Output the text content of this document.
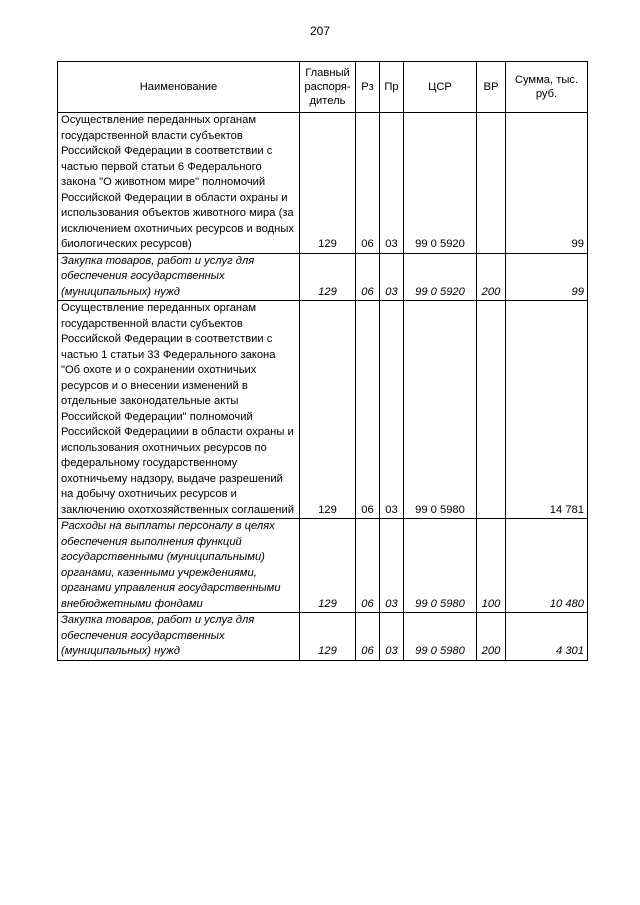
207
Наименование	Главный распоря-дитель	Рз	Пр	ЦСР	ВР	Сумма, тыс. руб.
Осуществление переданных органам государственной власти субъектов Российской Федерации в соответствии с частью первой статьи 6 Федерального закона "О животном мире" полномочий Российской Федерации в области охраны и использования объектов животного мира (за исключением охотничьих ресурсов и водных биологических ресурсов)	129	06	03	99 0 5920		99
Закупка товаров, работ и услуг для обеспечения государственных (муниципальных) нужд	129	06	03	99 0 5920	200	99
Осуществление переданных органам государственной власти субъектов Российской Федерации в соответствии с частью 1 статьи 33 Федерального закона "Об охоте и о сохранении охотничьих ресурсов и о внесении изменений в отдельные законодательные акты Российской Федерации" полномочий Российской Федерациии в области охраны и использования охотничьих ресурсов по федеральному государственному охотничьему надзору, выдаче разрешений на добычу охотничьих ресурсов и заключению охотхозяйственных соглашений	129	06	03	99 0 5980		14 781
Расходы на выплаты персоналу в целях обеспечения выполнения функций государственными (муниципальными) органами, казенными учреждениями, органами управления государственными внебюджетными фондами	129	06	03	99 0 5980	100	10 480
Закупка товаров, работ и услуг для обеспечения государственных (муниципальных) нужд	129	06	03	99 0 5980	200	4 301
